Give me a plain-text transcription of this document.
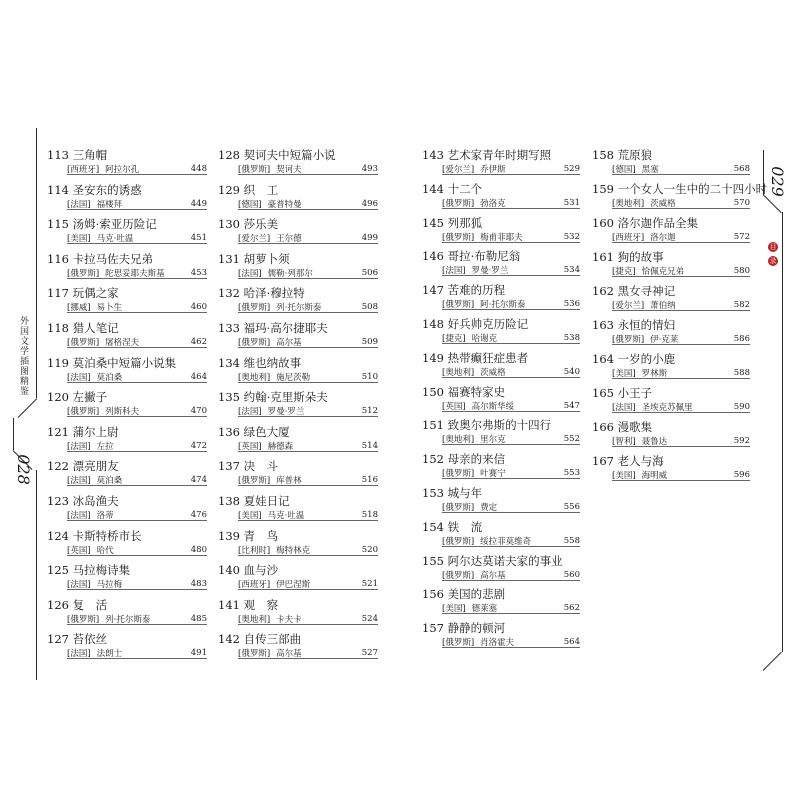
外国文学插图精鉴
028
029
目
录
113 三角帽
[西班牙] 阿拉尔孔	448
114 圣安东的诱惑
[法国] 福楼拜	449
115 汤姆·索亚历险记
[美国] 马克·吐温	451
116 卡拉马佐夫兄弟
[俄罗斯] 陀思妥耶夫斯基	453
117 玩偶之家
[挪威] 易卜生	460
118 猎人笔记
[俄罗斯] 屠格涅夫	462
119 莫泊桑中短篇小说集
[法国] 莫泊桑	464
120 左撇子
[俄罗斯] 列斯科夫	470
121 蒲尔上尉
[法国] 左拉	472
122 漂亮朋友
[法国] 莫泊桑	474
123 冰岛渔夫
[法国] 洛蒂	476
124 卡斯特桥市长
[英国] 哈代	480
125 马拉梅诗集
[法国] 马拉梅	483
126 复　活
[俄罗斯] 列·托尔斯泰	485
127 苔依丝
[法国] 法朗士	491
128 契诃夫中短篇小说
[俄罗斯] 契诃夫	493
129 织　工
[德国] 豪普特曼	496
130 莎乐美
[爱尔兰] 王尔德	499
131 胡萝卜须
[法国] 儒勒·列那尔	506
132 哈泽·穆拉特
[俄罗斯] 列·托尔斯泰	508
133 福玛·高尔捷耶夫
[俄罗斯] 高尔基	509
134 维也纳故事
[奥地利] 施尼茨勒	510
135 约翰·克里斯朵夫
[法国] 罗曼·罗兰	512
136 绿色大厦
[英国] 赫德森	514
137 决　斗
[俄罗斯] 库普林	516
138 夏娃日记
[美国] 马克·吐温	518
139 青　鸟
[比利时] 梅特林克	520
140 血与沙
[西班牙] 伊巴涅斯	521
141 观　察
[奥地利] 卡夫卡	524
142 自传三部曲
[俄罗斯] 高尔基	527
143 艺术家青年时期写照
[爱尔兰] 乔伊斯	529
144 十二个
[俄罗斯] 勃洛克	531
145 列那狐
[俄罗斯] 梅甫菲耶夫	532
146 哥拉·布勒尼翁
[法国] 罗曼·罗兰	534
147 苦难的历程
[俄罗斯] 阿·托尔斯泰	536
148 好兵帅克历险记
[捷克] 哈谢克	538
149 热带癫狂症患者
[奥地利] 茨威格	540
150 福赛特家史
[英国] 高尔斯华绥	547
151 致奥尔弗斯的十四行
[奥地利] 里尔克	552
152 母亲的来信
[俄罗斯] 叶赛宁	553
153 城与年
[俄罗斯] 费定	556
154 铁　流
[俄罗斯] 绥拉菲莫维奇	558
155 阿尔达莫诺夫家的事业
[俄罗斯] 高尔基	560
156 美国的悲剧
[美国] 德莱塞	562
157 静静的顿河
[俄罗斯] 肖洛霍夫	564
158 荒原狼
[德国] 黑塞	568
159 一个女人一生中的二十四小时
[奥地利] 茨威格	570
160 洛尔迦作品全集
[西班牙] 洛尔迦	572
161 狗的故事
[捷克] 恰佩克兄弟	580
162 黑女寻神记
[爱尔兰] 萧伯纳	582
163 永恒的情妇
[俄罗斯] 伊·克莱	586
164 一岁的小鹿
[美国] 罗林斯	588
165 小王子
[法国] 圣埃克苏佩里	590
166 漫歌集
[智利] 聂鲁达	592
167 老人与海
[美国] 海明威	596
